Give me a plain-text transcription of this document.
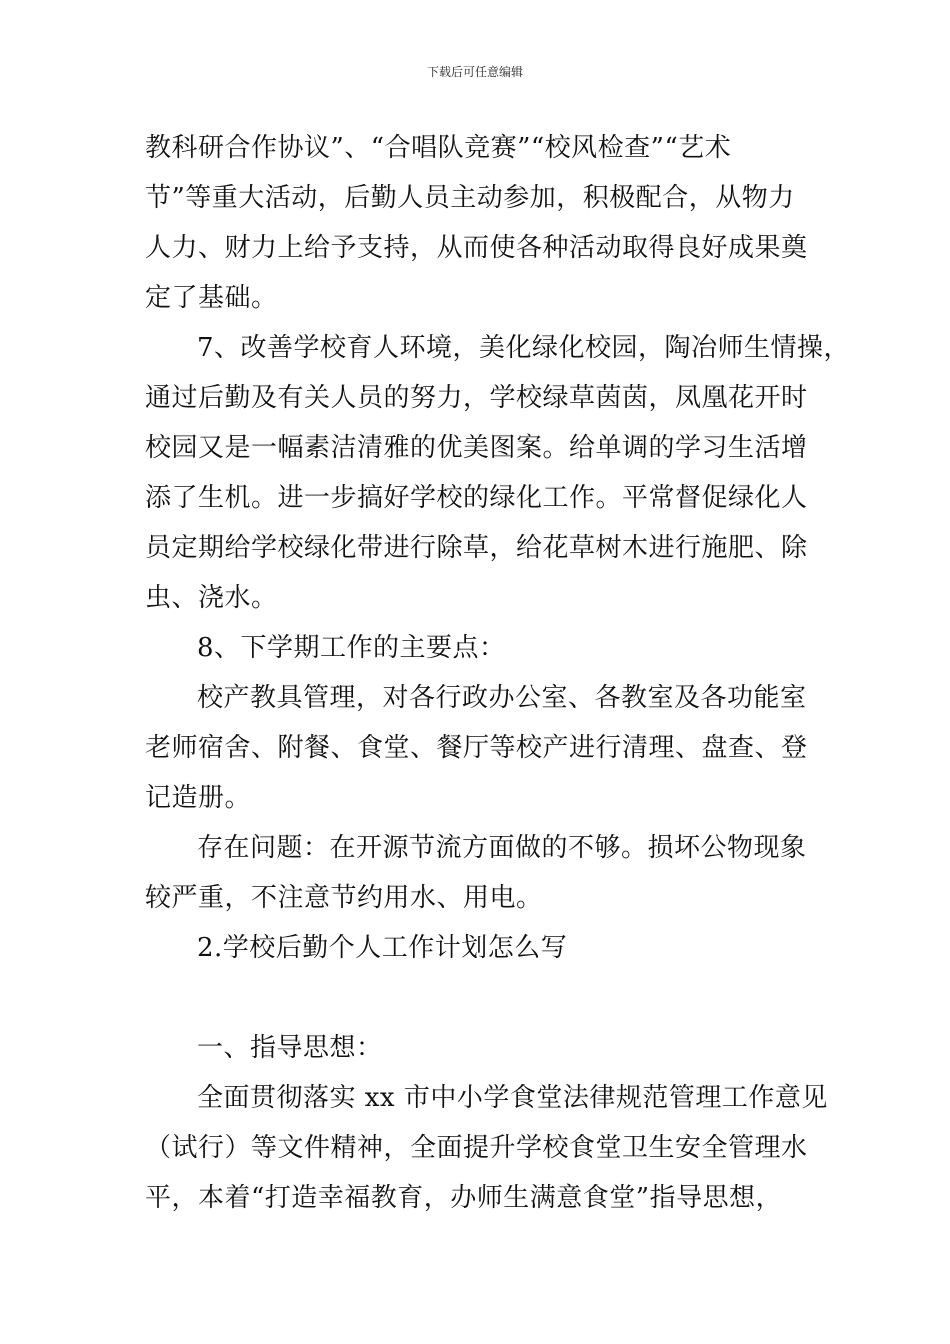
下载后可任意编辑
教科研合作协议”、“合唱队竞赛”“校风检查”“艺术
节”等重大活动，后勤人员主动参加，积极配合，从物力
人力、财力上给予支持，从而使各种活动取得良好成果奠
定了基础。
7、改善学校育人环境，美化绿化校园，陶冶师生情操，
通过后勤及有关人员的努力，学校绿草茵茵，凤凰花开时
校园又是一幅素洁清雅的优美图案。给单调的学习生活增
添了生机。进一步搞好学校的绿化工作。平常督促绿化人
员定期给学校绿化带进行除草，给花草树木进行施肥、除
虫、浇水。
8、下学期工作的主要点：
校产教具管理，对各行政办公室、各教室及各功能室
老师宿舍、附餐、食堂、餐厅等校产进行清理、盘查、登
记造册。
存在问题：在开源节流方面做的不够。损坏公物现象
较严重，不注意节约用水、用电。
2.学校后勤个人工作计划怎么写
一、指导思想：
全面贯彻落实 xx 市中小学食堂法律规范管理工作意见
（试行）等文件精神，全面提升学校食堂卫生安全管理水
平，本着“打造幸福教育，办师生满意食堂”指导思想，
